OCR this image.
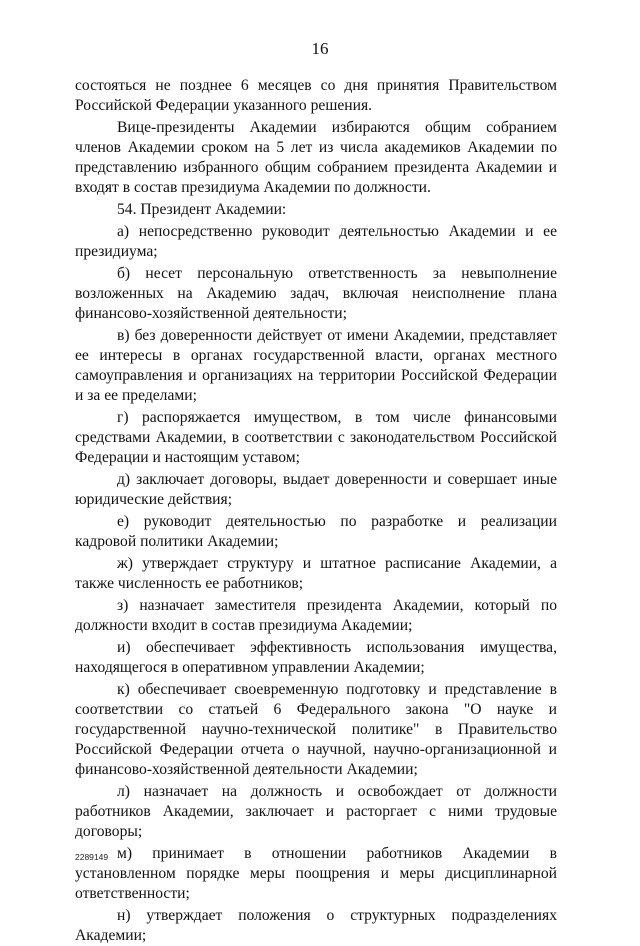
16

состояться не позднее 6 месяцев со дня принятия Правительством Российской Федерации указанного решения.

Вице-президенты Академии избираются общим собранием членов Академии сроком на 5 лет из числа академиков Академии по представлению избранного общим собранием президента Академии и входят в состав президиума Академии по должности.

54. Президент Академии:

а) непосредственно руководит деятельностью Академии и ее президиума;

б) несет персональную ответственность за невыполнение возложенных на Академию задач, включая неисполнение плана финансово-хозяйственной деятельности;

в) без доверенности действует от имени Академии, представляет ее интересы в органах государственной власти, органах местного самоуправления и организациях на территории Российской Федерации и за ее пределами;

г) распоряжается имуществом, в том числе финансовыми средствами Академии, в соответствии с законодательством Российской Федерации и настоящим уставом;

д) заключает договоры, выдает доверенности и совершает иные юридические действия;

е) руководит деятельностью по разработке и реализации кадровой политики Академии;

ж) утверждает структуру и штатное расписание Академии, а также численность ее работников;

з) назначает заместителя президента Академии, который по должности входит в состав президиума Академии;

и) обеспечивает эффективность использования имущества, находящегося в оперативном управлении Академии;

к) обеспечивает своевременную подготовку и представление в соответствии со статьей 6 Федерального закона "О науке и государственной научно-технической политике" в Правительство Российской Федерации отчета о научной, научно-организационной и финансово-хозяйственной деятельности Академии;

л) назначает на должность и освобождает от должности работников Академии, заключает и расторгает с ними трудовые договоры;

м) принимает в отношении работников Академии в установленном порядке меры поощрения и меры дисциплинарной ответственности;

н) утверждает положения о структурных подразделениях Академии;

2289149
